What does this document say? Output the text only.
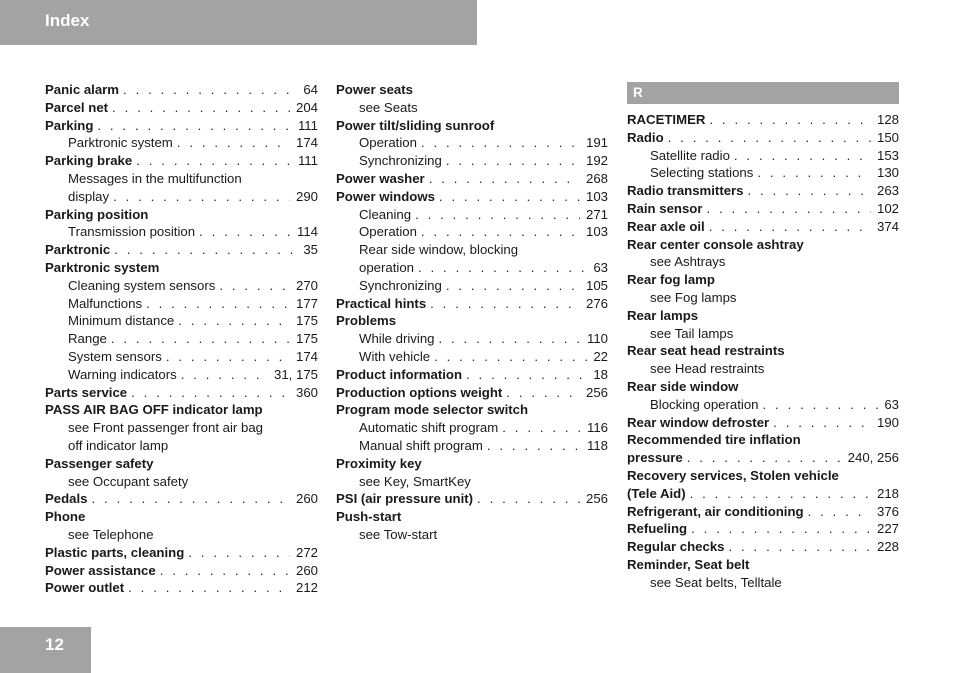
Index
Panic alarm . . .	64
Parcel net . . .	204
Parking . . .	111
Parktronic system . . .	174
Parking brake . . .	111
Messages in the multifunction
display . . .	290
Parking position
Transmission position . . .	114
Parktronic . . .	35
Parktronic system
Cleaning system sensors . . .	270
Malfunctions . . .	177
Minimum distance . . .	175
Range . . .	175
System sensors . . .	174
Warning indicators . . .	31, 175
Parts service . . .	360
PASS AIR BAG OFF indicator lamp
see Front passenger front air bag
off indicator lamp
Passenger safety
see Occupant safety
Pedals . . .	260
Phone
see Telephone
Plastic parts, cleaning . . .	272
Power assistance . . .	260
Power outlet . . .	212
Power seats
see Seats
Power tilt/sliding sunroof
Operation . . .	191
Synchronizing . . .	192
Power washer . . .	268
Power windows . . .	103
Cleaning . . .	271
Operation . . .	103
Rear side window, blocking
operation . . .	63
Synchronizing . . .	105
Practical hints . . .	276
Problems
While driving . . .	110
With vehicle . . .	22
Product information . . .	18
Production options weight . . .	256
Program mode selector switch
Automatic shift program . . .	116
Manual shift program . . .	118
Proximity key
see Key, SmartKey
PSI (air pressure unit) . . .	256
Push-start
see Tow-start
R
RACETIMER . . .	128
Radio . . .	150
Satellite radio . . .	153
Selecting stations . . .	130
Radio transmitters . . .	263
Rain sensor . . .	102
Rear axle oil . . .	374
Rear center console ashtray
see Ashtrays
Rear fog lamp
see Fog lamps
Rear lamps
see Tail lamps
Rear seat head restraints
see Head restraints
Rear side window
Blocking operation . . .	63
Rear window defroster . . .	190
Recommended tire inflation
pressure . . .	240, 256
Recovery services, Stolen vehicle
(Tele Aid) . . .	218
Refrigerant, air conditioning . . .	376
Refueling . . .	227
Regular checks . . .	228
Reminder, Seat belt
see Seat belts, Telltale
12
